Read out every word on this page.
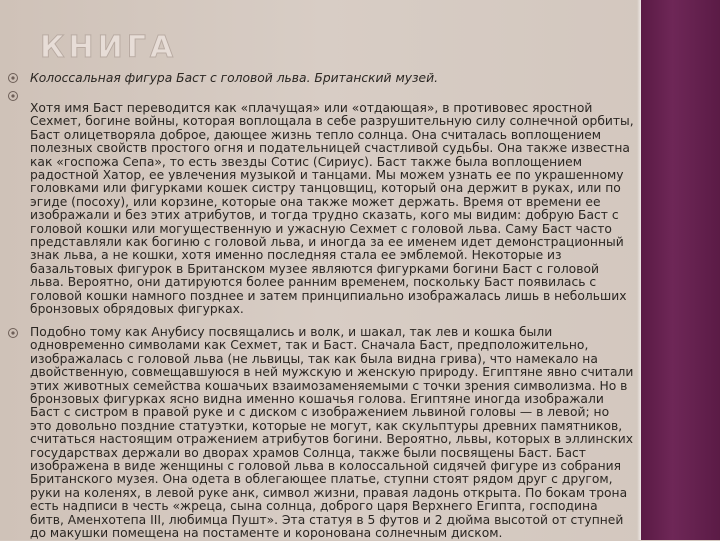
КНИГА
Колоссальная фигура Баст с головой льва. Британский музей.

Хотя имя Баст переводится как «плачущая» или «отдающая», в противовес яростной Сехмет, богине войны, которая воплощала в себе разрушительную силу солнечной орбиты, Баст олицетворяла доброе, дающее жизнь тепло солнца. Она считалась воплощением полезных свойств простого огня и подательницей счастливой судьбы. Она также известна как «госпожа Сепа», то есть звезды Сотис (Сириус). Баст также была воплощением радостной Хатор, ее увлечения музыкой и танцами. Мы можем узнать ее по украшенному головками или фигурками кошек систру танцовщиц, который она держит в руках, или по эгиде (посоху), или корзине, которые она также может держать. Время от времени ее изображали и без этих атрибутов, и тогда трудно сказать, кого мы видим: добрую Баст с головой кошки или могущественную и ужасную Сехмет с головой льва. Саму Баст часто представляли как богиню с головой льва, и иногда за ее именем идет демонстрационный знак льва, а не кошки, хотя именно последняя стала ее эмблемой. Некоторые из базальтовых фигурок в Британском музее являются фигурками богини Баст с головой льва. Вероятно, они датируются более ранним временем, поскольку Баст появилась с головой кошки намного позднее и затем принципиально изображалась лишь в небольших бронзовых обрядовых фигурках.

Подобно тому как Анубису посвящались и волк, и шакал, так лев и кошка были одновременно символами как Сехмет, так и Баст. Сначала Баст, предположительно, изображалась с головой льва (не львицы, так как была видна грива), что намекало на двойственную, совмещавшуюся в ней мужскую и женскую природу. Египтяне явно считали этих животных семейства кошачьих взаимозаменяемыми с точки зрения символизма. Но в бронзовых фигурках ясно видна именно кошачья голова. Египтяне иногда изображали Баст с систром в правой руке и с диском с изображением львиной головы — в левой; но это довольно поздние статуэтки, которые не могут, как скульптуры древних памятников, считаться настоящим отражением атрибутов богини. Вероятно, львы, которых в эллинских государствах держали во дворах храмов Солнца, также были посвящены Баст. Баст изображена в виде женщины с головой льва в колоссальной сидячей фигуре из собрания Британского музея. Она одета в облегающее платье, ступни стоят рядом друг с другом, руки на коленях, в левой руке анк, символ жизни, правая ладонь открыта. По бокам трона есть надписи в честь «жреца, сына солнца, доброго царя Верхнего Египта, господина битв, Аменхотепа III, любимца Пушт». Эта статуя в 5 футов и 2 дюйма высотой от ступней до макушки помещена на постаменте и коронована солнечным диском.
